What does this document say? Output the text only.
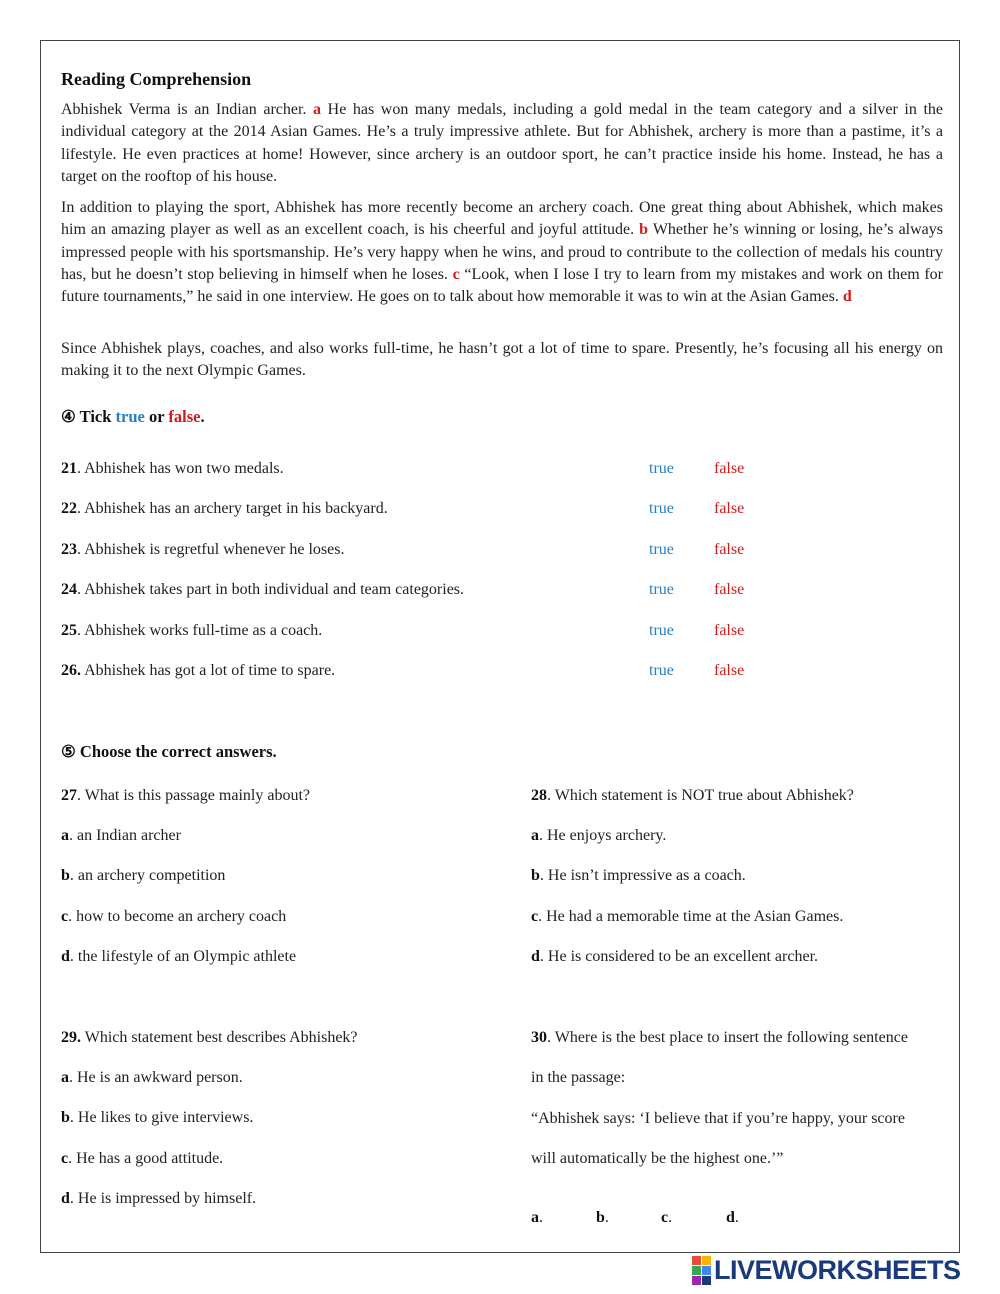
Reading Comprehension

Abhishek Verma is an Indian archer. a He has won many medals, including a gold medal in the team category and a silver in the individual category at the 2014 Asian Games. He’s a truly impressive athlete. But for Abhishek, archery is more than a pastime, it’s a lifestyle. He even practices at home! However, since archery is an outdoor sport, he can’t practice inside his home. Instead, he has a target on the rooftop of his house.

In addition to playing the sport, Abhishek has more recently become an archery coach. One great thing about Abhishek, which makes him an amazing player as well as an excellent coach, is his cheerful and joyful attitude. b Whether he’s winning or losing, he’s always impressed people with his sportsmanship. He’s very happy when he wins, and proud to contribute to the collection of medals his country has, but he doesn’t stop believing in himself when he loses. c “Look, when I lose I try to learn from my mistakes and work on them for future tournaments,” he said in one interview. He goes on to talk about how memorable it was to win at the Asian Games. d

Since Abhishek plays, coaches, and also works full-time, he hasn’t got a lot of time to spare. Presently, he’s focusing all his energy on making it to the next Olympic Games.

④ Tick true or false.
21. Abhishek has won two medals.	true	false
22. Abhishek has an archery target in his backyard.	true	false
23. Abhishek is regretful whenever he loses.	true	false
24. Abhishek takes part in both individual and team categories.	true	false
25. Abhishek works full-time as a coach.	true	false
26. Abhishek has got a lot of time to spare.	true	false
⑤ Choose the correct answers.
27. What is this passage mainly about?
a. an Indian archer
b. an archery competition
c. how to become an archery coach
d. the lifestyle of an Olympic athlete
28. Which statement is NOT true about Abhishek?
a. He enjoys archery.
b. He isn’t impressive as a coach.
c. He had a memorable time at the Asian Games.
d. He is considered to be an excellent archer.
29. Which statement best describes Abhishek?
a. He is an awkward person.
b. He likes to give interviews.
c. He has a good attitude.
d. He is impressed by himself.
30. Where is the best place to insert the following sentence
in the passage:
“Abhishek says: ‘I believe that if you’re happy, your score
will automatically be the highest one.’”
a.	b.	c.	d.
LIVEWORKSHEETS
